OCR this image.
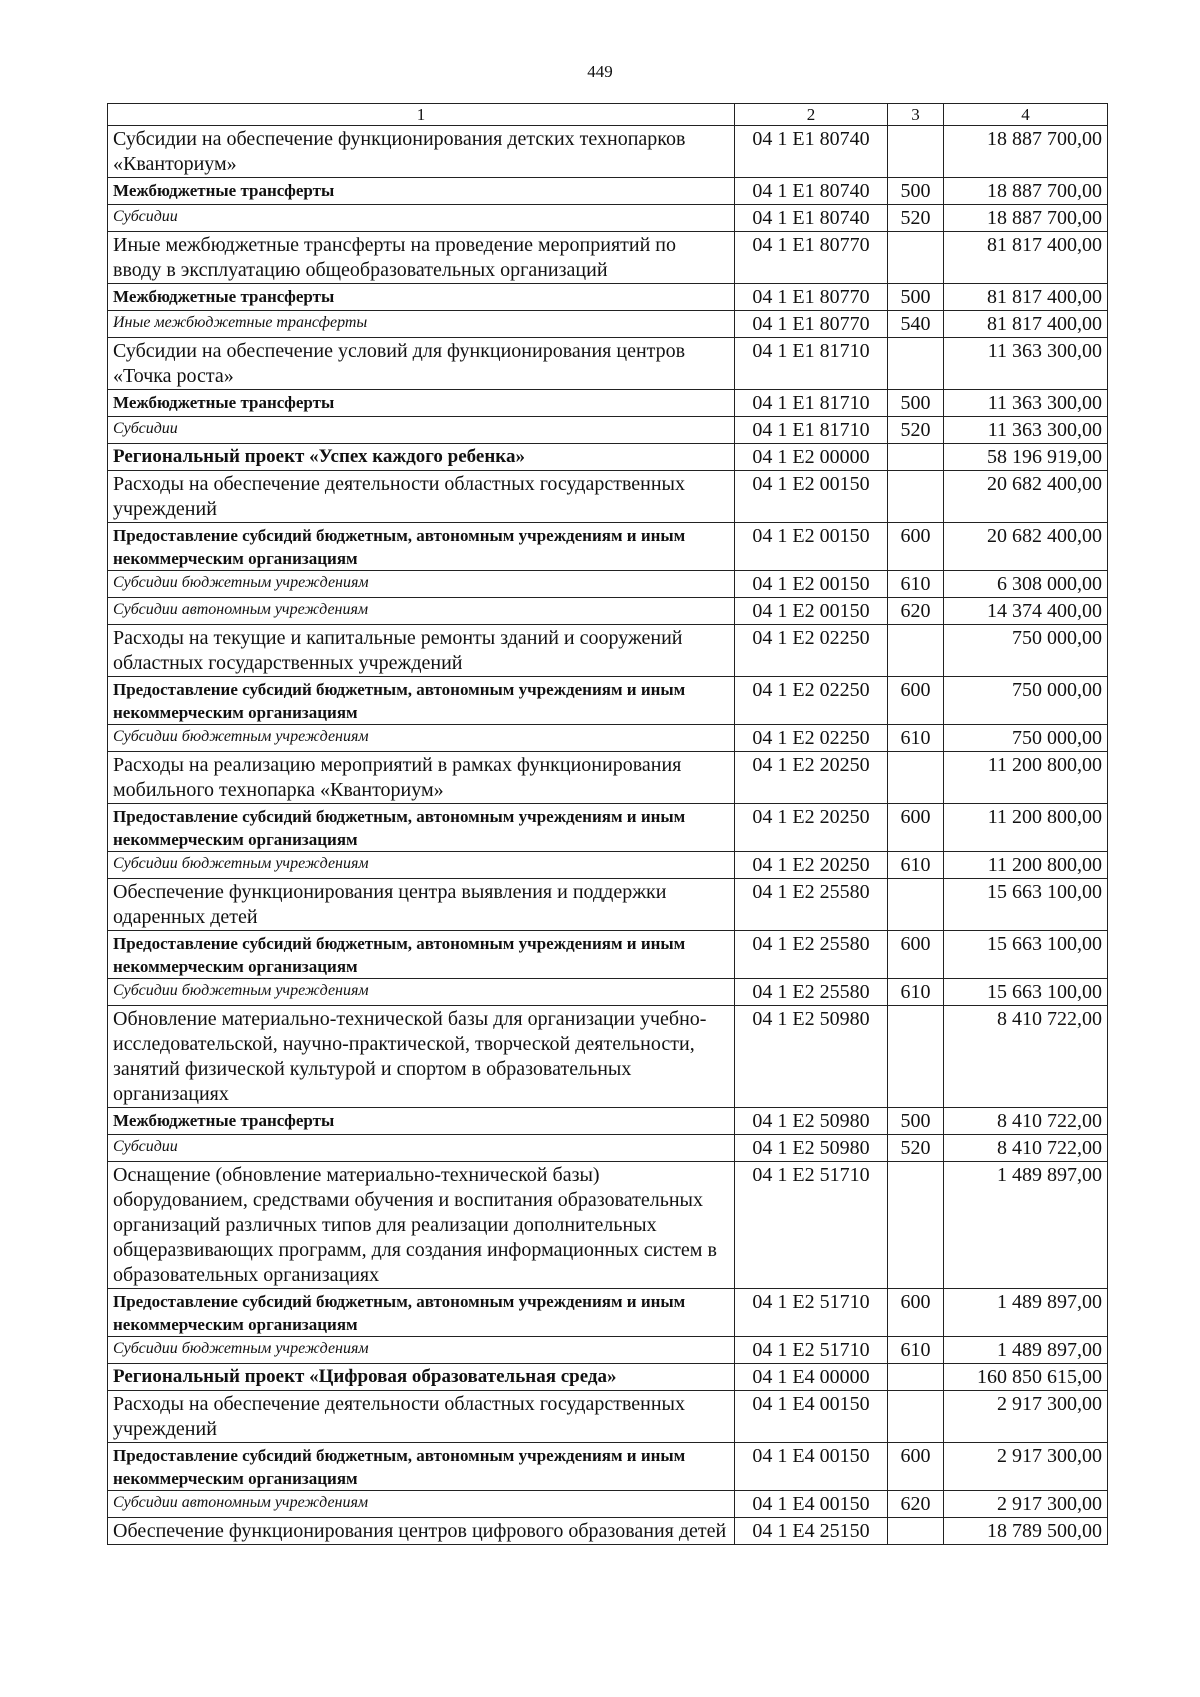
449
1	2	3	4
Субсидии на обеспечение функционирования детских технопарков «Кванториум»	04 1 E1 80740		18 887 700,00
Межбюджетные трансферты	04 1 E1 80740	500	18 887 700,00
Субсидии	04 1 E1 80740	520	18 887 700,00
Иные межбюджетные трансферты на проведение мероприятий по вводу в эксплуатацию общеобразовательных организаций	04 1 E1 80770		81 817 400,00
Межбюджетные трансферты	04 1 E1 80770	500	81 817 400,00
Иные межбюджетные трансферты	04 1 E1 80770	540	81 817 400,00
Субсидии на обеспечение условий для функционирования центров «Точка роста»	04 1 E1 81710		11 363 300,00
Межбюджетные трансферты	04 1 E1 81710	500	11 363 300,00
Субсидии	04 1 E1 81710	520	11 363 300,00
Региональный проект «Успех каждого ребенка»	04 1 E2 00000		58 196 919,00
Расходы на обеспечение деятельности областных государственных учреждений	04 1 E2 00150		20 682 400,00
Предоставление субсидий бюджетным, автономным учреждениям и иным некоммерческим организациям	04 1 E2 00150	600	20 682 400,00
Субсидии бюджетным учреждениям	04 1 E2 00150	610	6 308 000,00
Субсидии автономным учреждениям	04 1 E2 00150	620	14 374 400,00
Расходы на текущие и капитальные ремонты зданий и сооружений областных государственных учреждений	04 1 E2 02250		750 000,00
Предоставление субсидий бюджетным, автономным учреждениям и иным некоммерческим организациям	04 1 E2 02250	600	750 000,00
Субсидии бюджетным учреждениям	04 1 E2 02250	610	750 000,00
Расходы на реализацию мероприятий в рамках функционирования мобильного технопарка «Кванториум»	04 1 E2 20250		11 200 800,00
Предоставление субсидий бюджетным, автономным учреждениям и иным некоммерческим организациям	04 1 E2 20250	600	11 200 800,00
Субсидии бюджетным учреждениям	04 1 E2 20250	610	11 200 800,00
Обеспечение функционирования центра выявления и поддержки одаренных детей	04 1 E2 25580		15 663 100,00
Предоставление субсидий бюджетным, автономным учреждениям и иным некоммерческим организациям	04 1 E2 25580	600	15 663 100,00
Субсидии бюджетным учреждениям	04 1 E2 25580	610	15 663 100,00
Обновление материально-технической базы для организации учебно-исследовательской, научно-практической, творческой деятельности, занятий физической культурой и спортом в образовательных организациях	04 1 E2 50980		8 410 722,00
Межбюджетные трансферты	04 1 E2 50980	500	8 410 722,00
Субсидии	04 1 E2 50980	520	8 410 722,00
Оснащение (обновление материально-технической базы) оборудованием, средствами обучения и воспитания образовательных организаций различных типов для реализации дополнительных общеразвивающих программ, для создания информационных систем в образовательных организациях	04 1 E2 51710		1 489 897,00
Предоставление субсидий бюджетным, автономным учреждениям и иным некоммерческим организациям	04 1 E2 51710	600	1 489 897,00
Субсидии бюджетным учреждениям	04 1 E2 51710	610	1 489 897,00
Региональный проект «Цифровая образовательная среда»	04 1 E4 00000		160 850 615,00
Расходы на обеспечение деятельности областных государственных учреждений	04 1 E4 00150		2 917 300,00
Предоставление субсидий бюджетным, автономным учреждениям и иным некоммерческим организациям	04 1 E4 00150	600	2 917 300,00
Субсидии автономным учреждениям	04 1 E4 00150	620	2 917 300,00
Обеспечение функционирования центров цифрового образования детей	04 1 E4 25150		18 789 500,00
